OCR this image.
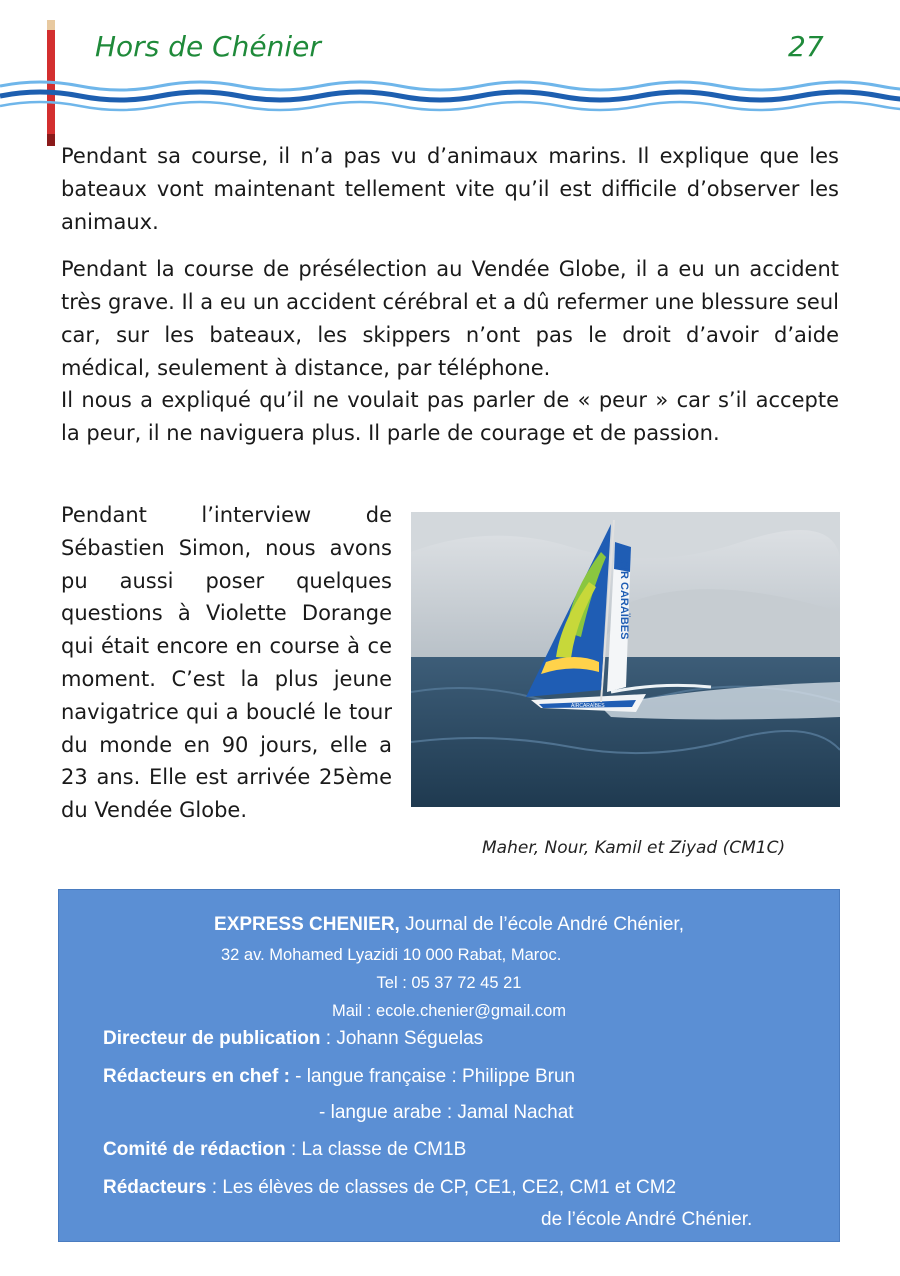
Hors de Chénier	27

Pendant sa course, il n’a pas vu d’animaux marins. Il explique que les bateaux vont maintenant tellement vite qu’il est difficile d’observer les animaux.

Pendant la course de présélection au Vendée Globe, il a eu un accident très grave. Il a eu un accident cérébral et a dû refermer une blessure seul car, sur les bateaux, les skippers n’ont pas le droit d’avoir d’aide médical, seulement à distance, par téléphone.

Il nous a expliqué qu’il ne voulait pas parler de « peur » car s’il accepte la peur, il ne naviguera plus. Il parle de courage et de passion.

Pendant l’interview de Sébastien Simon, nous avons pu aussi poser quelques questions à Violette Dorange qui était encore en course à ce moment. C’est la plus jeune navigatrice qui a bouclé le tour du monde en 90 jours, elle a 23 ans. Elle est arrivée 25ème du Vendée Globe.

AIRCARAÏBES
AIR CARAÏBES
Maher, Nour, Kamil et Ziyad (CM1C)
EXPRESS CHENIER, Journal de l’école André Chénier,
32 av. Mohamed Lyazidi 10 000 Rabat, Maroc.
Tel : 05 37 72 45 21
Mail : ecole.chenier@gmail.com
Directeur de publication : Johann Séguelas
Rédacteurs en chef : - langue française : Philippe Brun
- langue arabe : Jamal Nachat
Comité de rédaction : La classe de CM1B
Rédacteurs : Les élèves de classes de CP, CE1, CE2, CM1 et CM2
de l’école André Chénier.
